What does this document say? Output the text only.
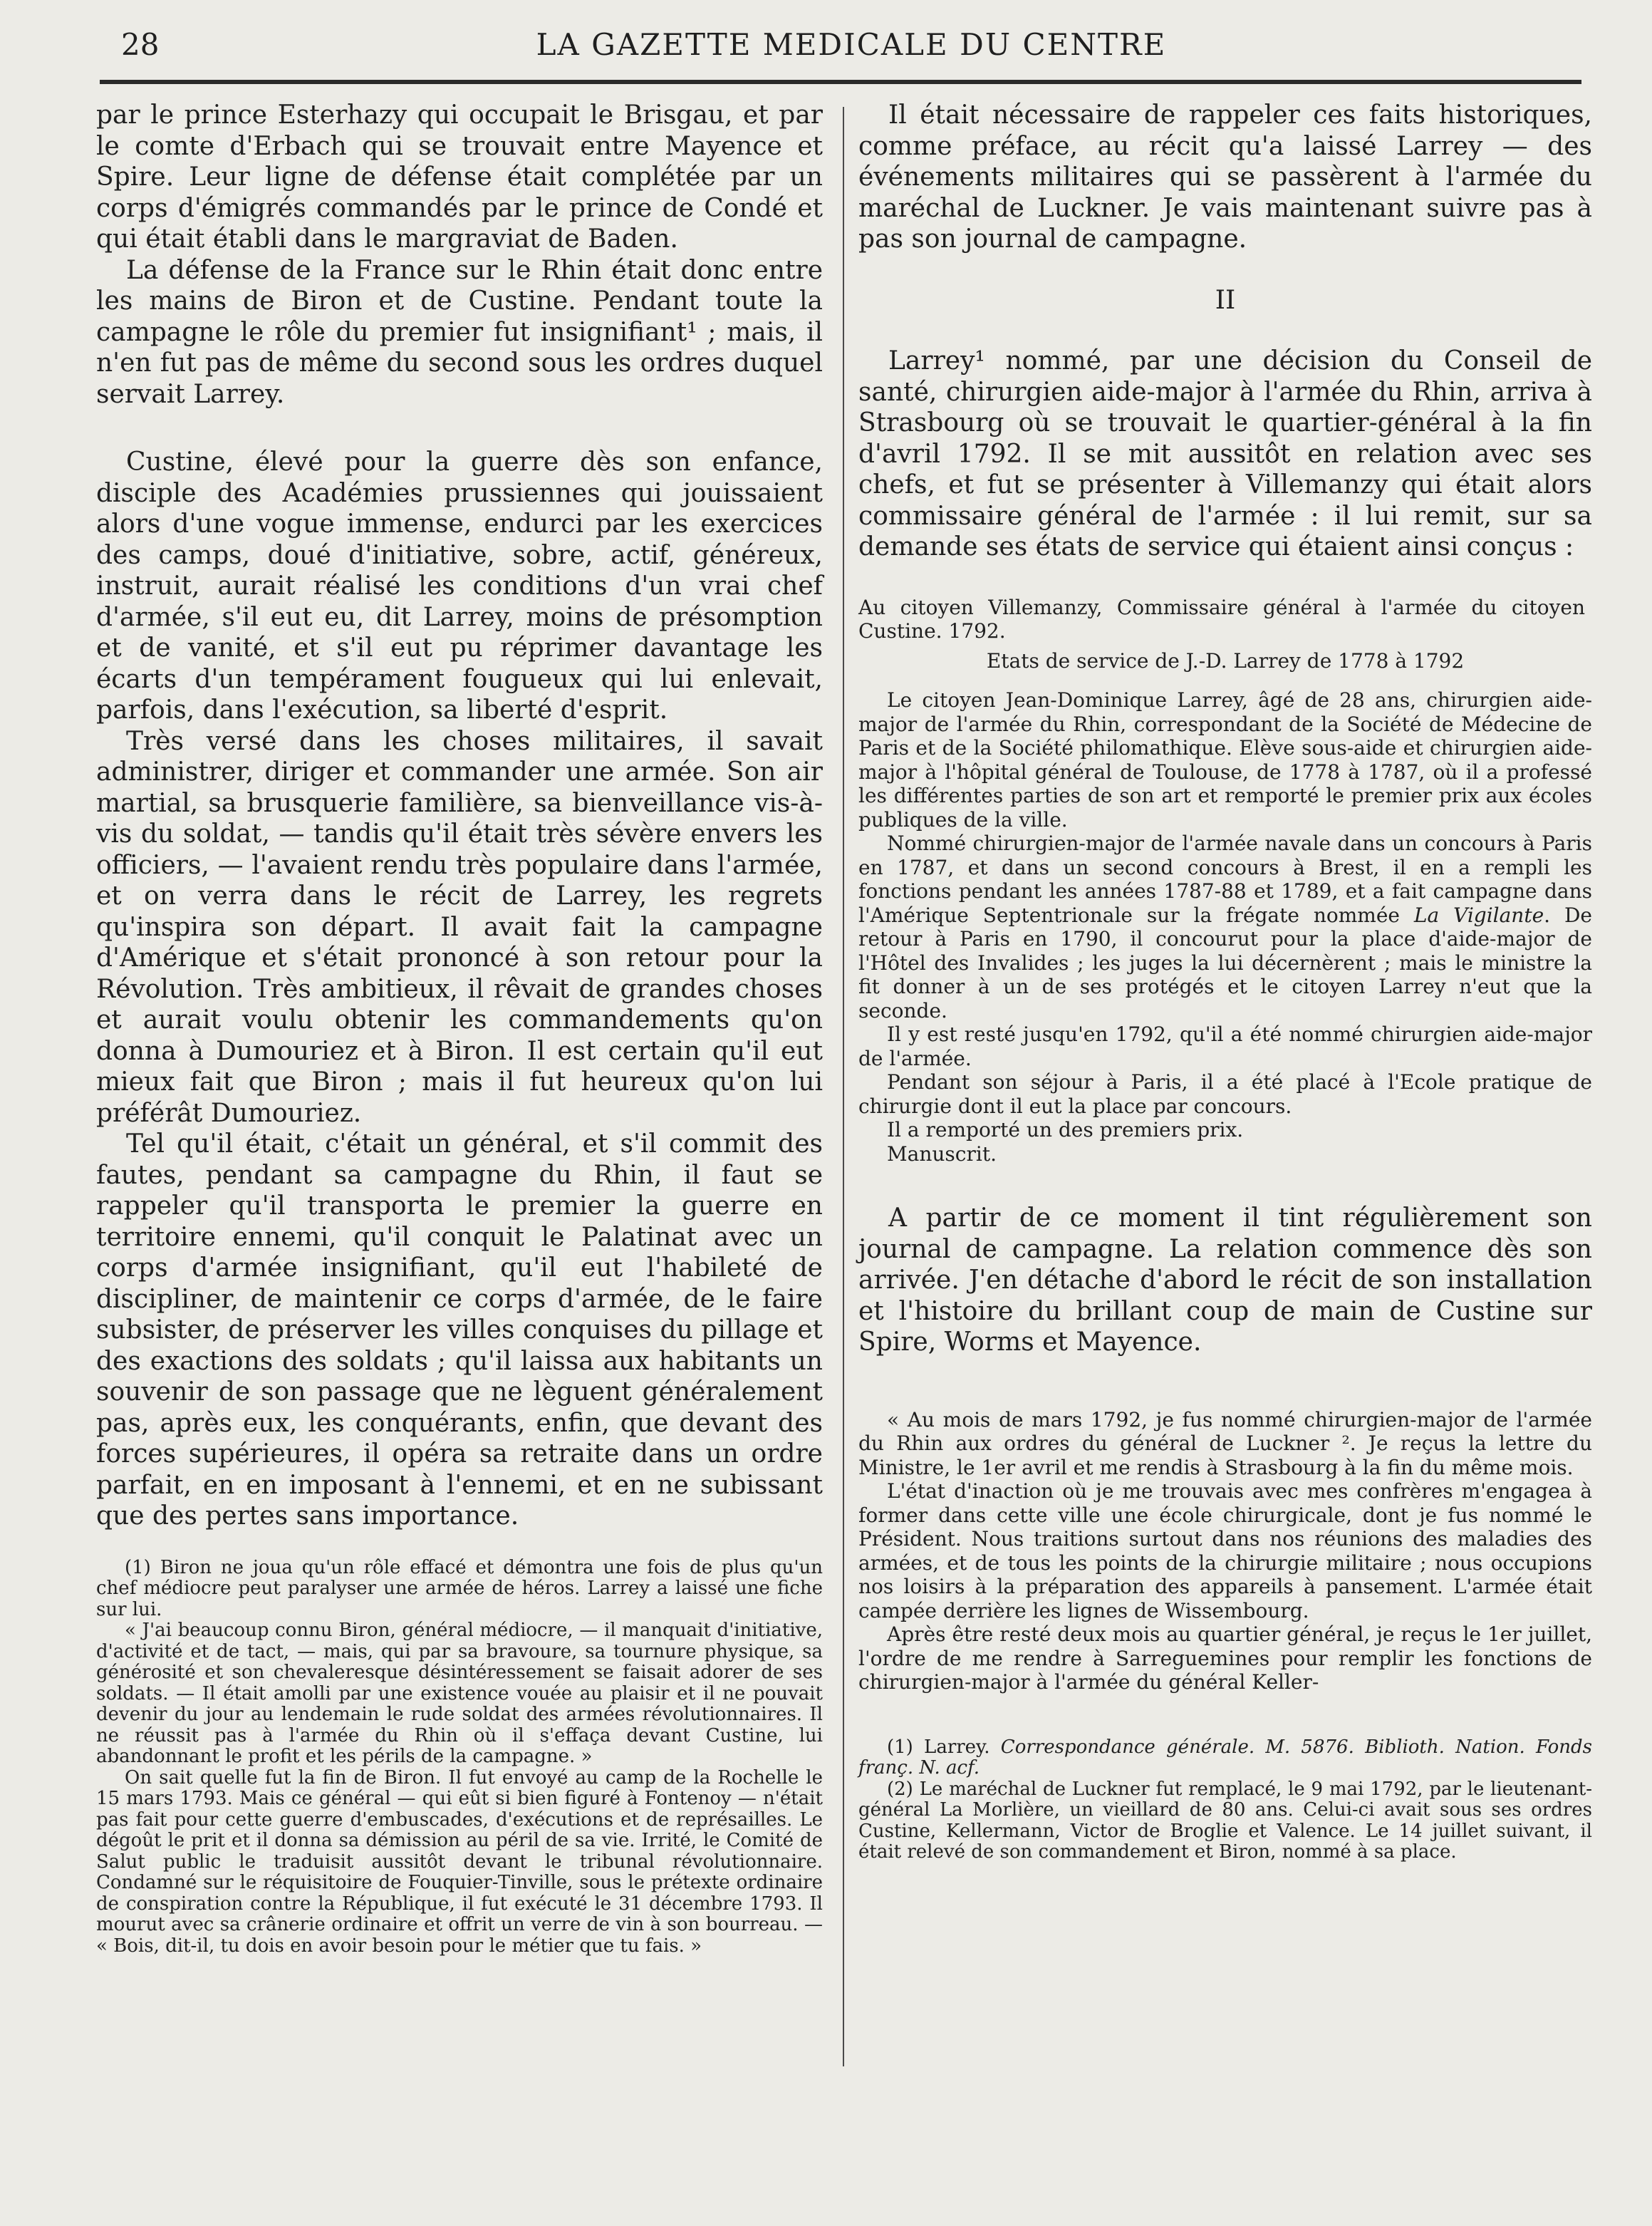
28	LA GAZETTE MEDICALE DU CENTRE

par le prince Esterhazy qui occupait le Brisgau, et par le comte d'Erbach qui se trouvait entre Mayence et Spire. Leur ligne de défense était complétée par un corps d'émigrés commandés par le prince de Condé et qui était établi dans le margraviat de Baden.

La défense de la France sur le Rhin était donc entre les mains de Biron et de Custine. Pendant toute la campagne le rôle du premier fut insignifiant¹ ; mais, il n'en fut pas de même du second sous les ordres duquel servait Larrey.

Custine, élevé pour la guerre dès son enfance, disciple des Académies prussiennes qui jouissaient alors d'une vogue immense, endurci par les exercices des camps, doué d'initiative, sobre, actif, généreux, instruit, aurait réalisé les conditions d'un vrai chef d'armée, s'il eut eu, dit Larrey, moins de présomption et de vanité, et s'il eut pu réprimer davantage les écarts d'un tempérament fougueux qui lui enlevait, parfois, dans l'exécution, sa liberté d'esprit.

Très versé dans les choses militaires, il savait administrer, diriger et commander une armée. Son air martial, sa brusquerie familière, sa bienveillance vis-à-vis du soldat, — tandis qu'il était très sévère envers les officiers, — l'avaient rendu très populaire dans l'armée, et on verra dans le récit de Larrey, les regrets qu'inspira son départ. Il avait fait la campagne d'Amérique et s'était prononcé à son retour pour la Révolution. Très ambitieux, il rêvait de grandes choses et aurait voulu obtenir les commandements qu'on donna à Dumouriez et à Biron. Il est certain qu'il eut mieux fait que Biron ; mais il fut heureux qu'on lui préférât Dumouriez.

Tel qu'il était, c'était un général, et s'il commit des fautes, pendant sa campagne du Rhin, il faut se rappeler qu'il transporta le premier la guerre en territoire ennemi, qu'il conquit le Palatinat avec un corps d'armée insignifiant, qu'il eut l'habileté de discipliner, de maintenir ce corps d'armée, de le faire subsister, de préserver les villes conquises du pillage et des exactions des soldats ; qu'il laissa aux habitants un souvenir de son passage que ne lèguent généralement pas, après eux, les conquérants, enfin, que devant des forces supérieures, il opéra sa retraite dans un ordre parfait, en en imposant à l'ennemi, et en ne subissant que des pertes sans importance.

(1) Biron ne joua qu'un rôle effacé et démontra une fois de plus qu'un chef médiocre peut paralyser une armée de héros. Larrey a laissé une fiche sur lui.

« J'ai beaucoup connu Biron, général médiocre, — il manquait d'initiative, d'activité et de tact, — mais, qui par sa bravoure, sa tournure physique, sa générosité et son chevaleresque désintéressement se faisait adorer de ses soldats. — Il était amolli par une existence vouée au plaisir et il ne pouvait devenir du jour au lendemain le rude soldat des armées révolutionnaires. Il ne réussit pas à l'armée du Rhin où il s'effaça devant Custine, lui abandonnant le profit et les périls de la campagne. »

On sait quelle fut la fin de Biron. Il fut envoyé au camp de la Rochelle le 15 mars 1793. Mais ce général — qui eût si bien figuré à Fontenoy — n'était pas fait pour cette guerre d'embuscades, d'exécutions et de représailles. Le dégoût le prit et il donna sa démission au péril de sa vie. Irrité, le Comité de Salut public le traduisit aussitôt devant le tribunal révolutionnaire. Condamné sur le réquisitoire de Fouquier-Tinville, sous le prétexte ordinaire de conspiration contre la République, il fut exécuté le 31 décembre 1793. Il mourut avec sa crânerie ordinaire et offrit un verre de vin à son bourreau. — « Bois, dit-il, tu dois en avoir besoin pour le métier que tu fais. »

Il était nécessaire de rappeler ces faits historiques, comme préface, au récit qu'a laissé Larrey — des événements militaires qui se passèrent à l'armée du maréchal de Luckner. Je vais maintenant suivre pas à pas son journal de campagne.

II

Larrey¹ nommé, par une décision du Conseil de santé, chirurgien aide-major à l'armée du Rhin, arriva à Strasbourg où se trouvait le quartier-général à la fin d'avril 1792. Il se mit aussitôt en relation avec ses chefs, et fut se présenter à Villemanzy qui était alors commissaire général de l'armée : il lui remit, sur sa demande ses états de service qui étaient ainsi conçus :

Au citoyen Villemanzy, Commissaire général à l'armée du citoyen Custine. 1792.

Etats de service de J.-D. Larrey de 1778 à 1792

Le citoyen Jean-Dominique Larrey, âgé de 28 ans, chirurgien aide-major de l'armée du Rhin, correspondant de la Société de Médecine de Paris et de la Société philomathique. Elève sous-aide et chirurgien aide-major à l'hôpital général de Toulouse, de 1778 à 1787, où il a professé les différentes parties de son art et remporté le premier prix aux écoles publiques de la ville.

Nommé chirurgien-major de l'armée navale dans un concours à Paris en 1787, et dans un second concours à Brest, il en a rempli les fonctions pendant les années 1787-88 et 1789, et a fait campagne dans l'Amérique Septentrionale sur la frégate nommée La Vigilante. De retour à Paris en 1790, il concourut pour la place d'aide-major de l'Hôtel des Invalides ; les juges la lui décernèrent ; mais le ministre la fit donner à un de ses protégés et le citoyen Larrey n'eut que la seconde.

Il y est resté jusqu'en 1792, qu'il a été nommé chirurgien aide-major de l'armée.

Pendant son séjour à Paris, il a été placé à l'Ecole pratique de chirurgie dont il eut la place par concours.

Il a remporté un des premiers prix.

Manuscrit.

A partir de ce moment il tint régulièrement son journal de campagne. La relation commence dès son arrivée. J'en détache d'abord le récit de son installation et l'histoire du brillant coup de main de Custine sur Spire, Worms et Mayence.

« Au mois de mars 1792, je fus nommé chirurgien-major de l'armée du Rhin aux ordres du général de Luckner ². Je reçus la lettre du Ministre, le 1er avril et me rendis à Strasbourg à la fin du même mois.

L'état d'inaction où je me trouvais avec mes confrères m'engagea à former dans cette ville une école chirurgicale, dont je fus nommé le Président. Nous traitions surtout dans nos réunions des maladies des armées, et de tous les points de la chirurgie militaire ; nous occupions nos loisirs à la préparation des appareils à pansement. L'armée était campée derrière les lignes de Wissembourg.

Après être resté deux mois au quartier général, je reçus le 1er juillet, l'ordre de me rendre à Sarreguemines pour remplir les fonctions de chirurgien-major à l'armée du général Keller-

(1) Larrey. Correspondance générale. M. 5876. Biblioth. Nation. Fonds franç. N. acf.

(2) Le maréchal de Luckner fut remplacé, le 9 mai 1792, par le lieutenant-général La Morlière, un vieillard de 80 ans. Celui-ci avait sous ses ordres Custine, Kellermann, Victor de Broglie et Valence. Le 14 juillet suivant, il était relevé de son commandement et Biron, nommé à sa place.
